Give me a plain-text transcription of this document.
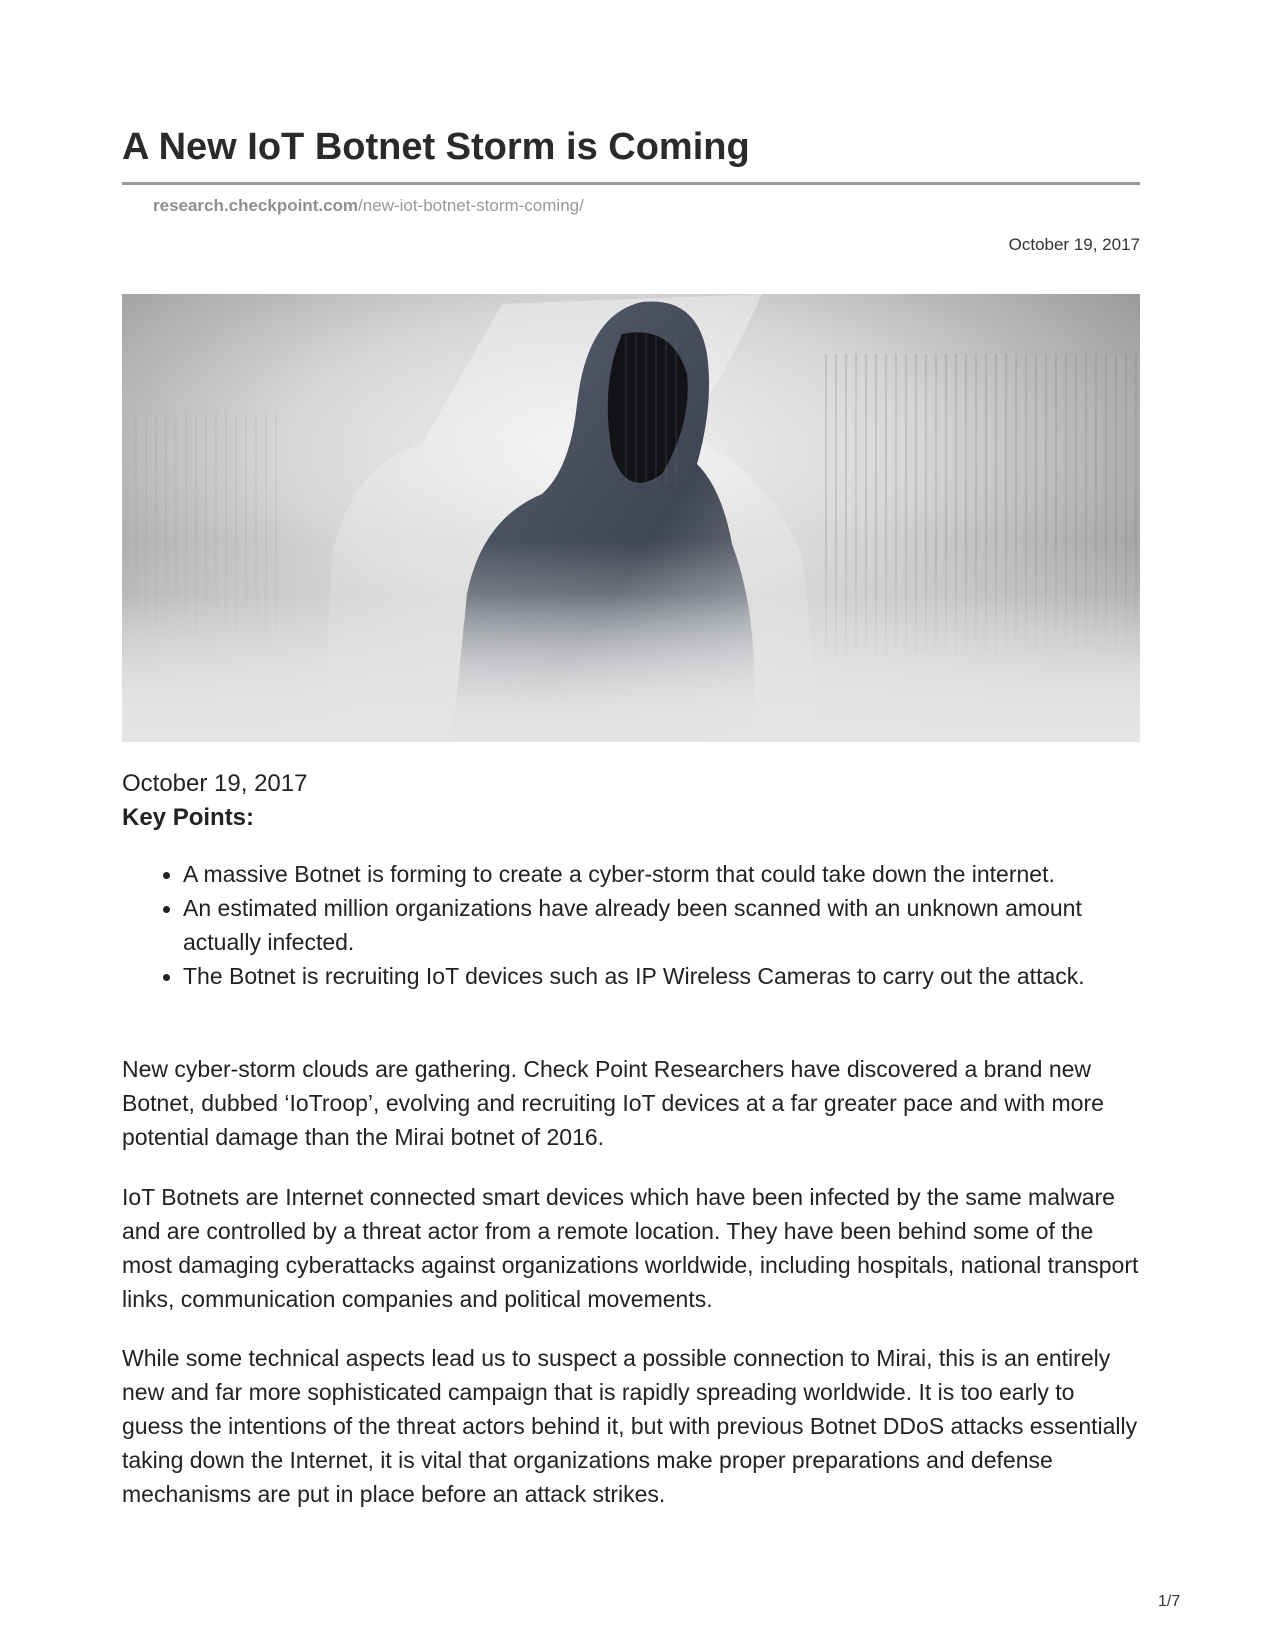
A New IoT Botnet Storm is Coming
research.checkpoint.com/new-iot-botnet-storm-coming/
October 19, 2017
October 19, 2017
Key Points:
A massive Botnet is forming to create a cyber-storm that could take down the internet.
An estimated million organizations have already been scanned with an unknown amount actually infected.
The Botnet is recruiting IoT devices such as IP Wireless Cameras to carry out the attack.

New cyber-storm clouds are gathering. Check Point Researchers have discovered a brand new Botnet, dubbed ‘IoTroop’, evolving and recruiting IoT devices at a far greater pace and with more potential damage than the Mirai botnet of 2016.

IoT Botnets are Internet connected smart devices which have been infected by the same malware and are controlled by a threat actor from a remote location. They have been behind some of the most damaging cyberattacks against organizations worldwide, including hospitals, national transport links, communication companies and political movements.

While some technical aspects lead us to suspect a possible connection to Mirai, this is an entirely new and far more sophisticated campaign that is rapidly spreading worldwide. It is too early to guess the intentions of the threat actors behind it, but with previous Botnet DDoS attacks essentially taking down the Internet, it is vital that organizations make proper preparations and defense mechanisms are put in place before an attack strikes.

1/7
